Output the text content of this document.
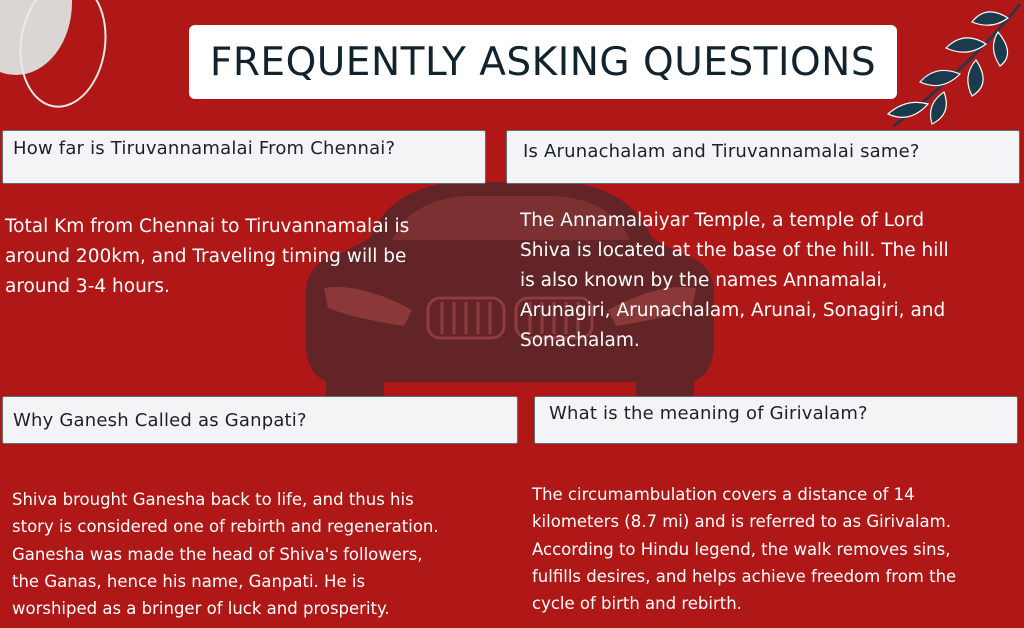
FREQUENTLY ASKING QUESTIONS
How far is Tiruvannamalai From Chennai?	Is Arunachalam and Tiruvannamalai same?
Why Ganesh Called as Ganpati?	What is the meaning of Girivalam?
Total Km from Chennai to Tiruvannamalai is
around 200km, and Traveling timing will be
around 3-4 hours.
The Annamalaiyar Temple, a temple of Lord
Shiva is located at the base of the hill. The hill
is also known by the names Annamalai,
Arunagiri, Arunachalam, Arunai, Sonagiri, and
Sonachalam.
Shiva brought Ganesha back to life, and thus his
story is considered one of rebirth and regeneration.
Ganesha was made the head of Shiva's followers,
the Ganas, hence his name, Ganpati. He is
worshiped as a bringer of luck and prosperity.
The circumambulation covers a distance of 14
kilometers (8.7 mi) and is referred to as Girivalam.
According to Hindu legend, the walk removes sins,
fulfills desires, and helps achieve freedom from the
cycle of birth and rebirth.
